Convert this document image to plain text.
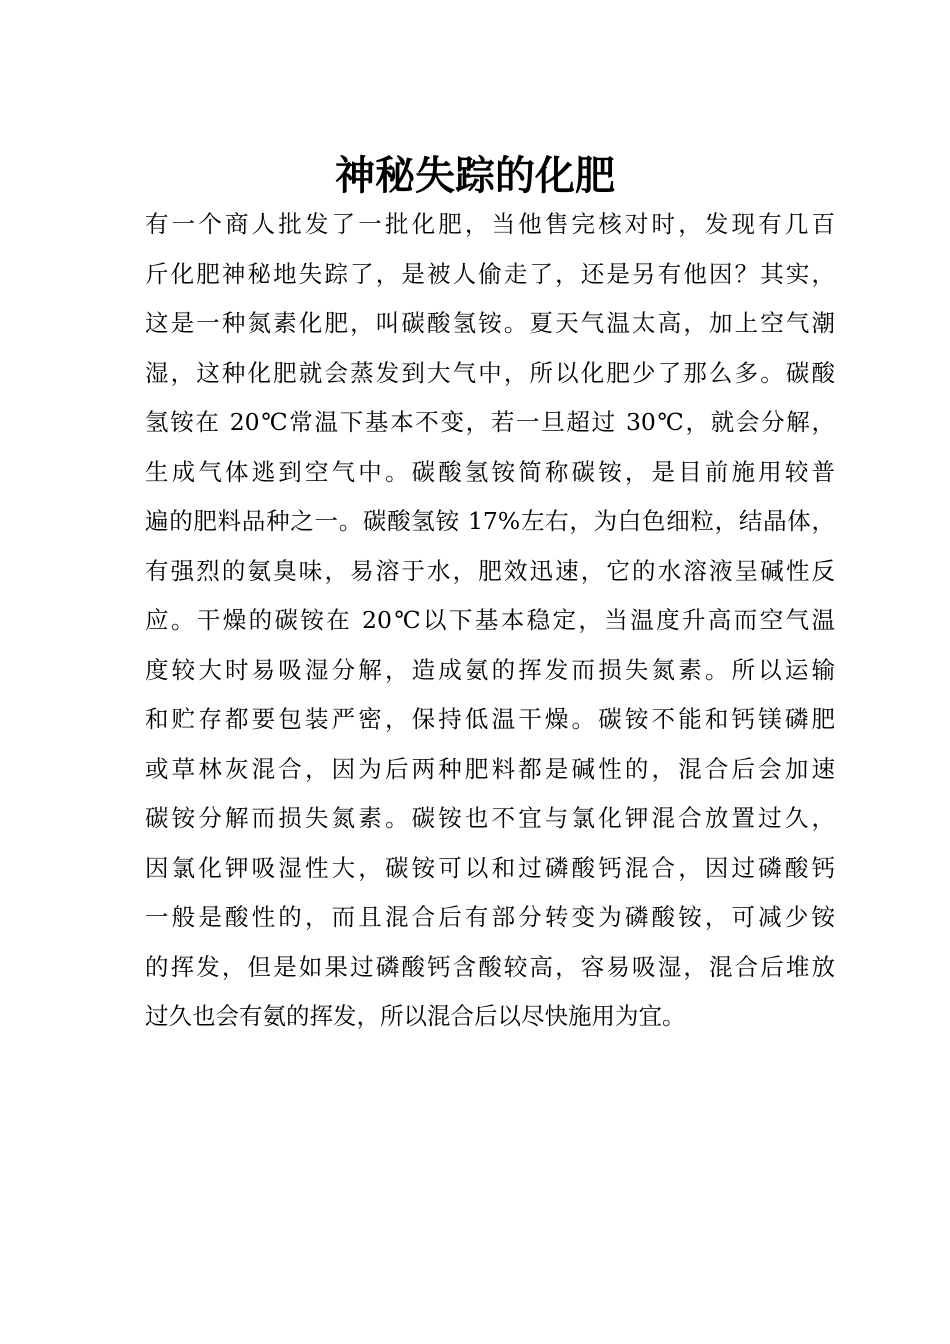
神秘失踪的化肥
有一个商人批发了一批化肥，当他售完核对时，发现有几百
斤化肥神秘地失踪了，是被人偷走了，还是另有他因？其实，
这是一种氮素化肥，叫碳酸氢铵。夏天气温太高，加上空气潮
湿，这种化肥就会蒸发到大气中，所以化肥少了那么多。碳酸
氢铵在 20℃常温下基本不变，若一旦超过 30℃，就会分解，
生成气体逃到空气中。碳酸氢铵简称碳铵，是目前施用较普
遍的肥料品种之一。碳酸氢铵 17%左右，为白色细粒，结晶体，
有强烈的氨臭味，易溶于水，肥效迅速，它的水溶液呈碱性反
应。干燥的碳铵在 20℃以下基本稳定，当温度升高而空气温
度较大时易吸湿分解，造成氨的挥发而损失氮素。所以运输
和贮存都要包装严密，保持低温干燥。碳铵不能和钙镁磷肥
或草林灰混合，因为后两种肥料都是碱性的，混合后会加速
碳铵分解而损失氮素。碳铵也不宜与氯化钾混合放置过久，
因氯化钾吸湿性大，碳铵可以和过磷酸钙混合，因过磷酸钙
一般是酸性的，而且混合后有部分转变为磷酸铵，可减少铵
的挥发，但是如果过磷酸钙含酸较高，容易吸湿，混合后堆放
过久也会有氨的挥发，所以混合后以尽快施用为宜。
